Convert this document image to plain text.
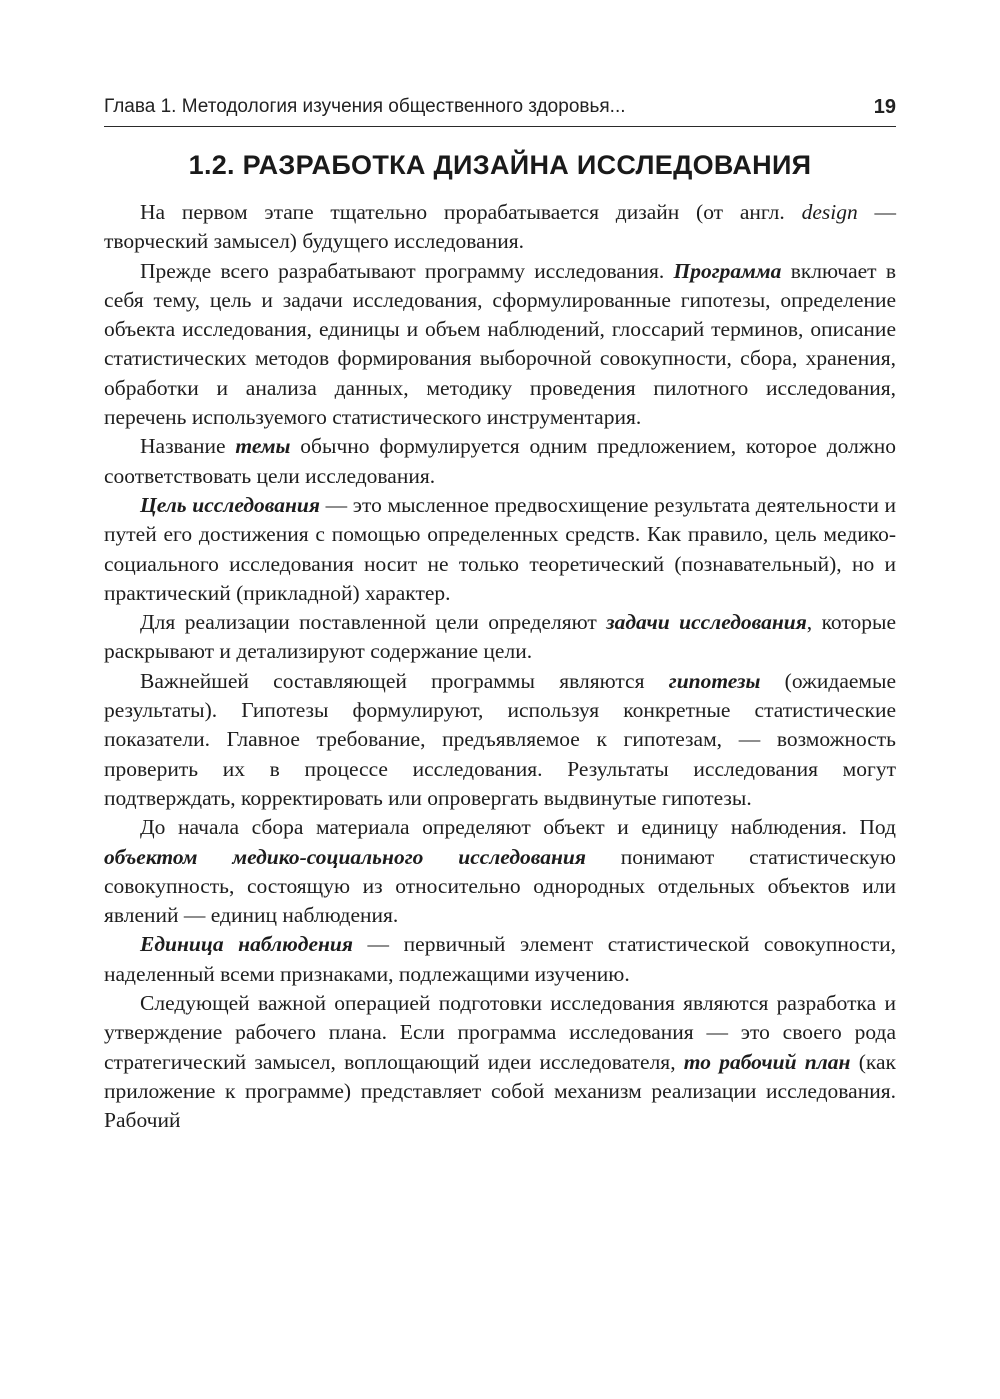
Глава 1. Методология изучения общественного здоровья...	19
1.2. РАЗРАБОТКА ДИЗАЙНА ИССЛЕДОВАНИЯ

На первом этапе тщательно прорабатывается дизайн (от англ. design — творческий замысел) будущего исследования.

Прежде всего разрабатывают программу исследования. Программа включает в себя тему, цель и задачи исследования, сформулированные гипотезы, определение объекта исследования, единицы и объем наблюдений, глоссарий терминов, описание статистических методов формирования выборочной совокупности, сбора, хранения, обработки и анализа данных, методику проведения пилотного исследования, перечень используемого статистического инструментария.

Название темы обычно формулируется одним предложением, которое должно соответствовать цели исследования.

Цель исследования — это мысленное предвосхищение результата деятельности и путей его достижения с помощью определенных средств. Как правило, цель медико-социального исследования носит не только теоретический (познавательный), но и практический (прикладной) характер.

Для реализации поставленной цели определяют задачи исследования, которые раскрывают и детализируют содержание цели.

Важнейшей составляющей программы являются гипотезы (ожидаемые результаты). Гипотезы формулируют, используя конкретные статистические показатели. Главное требование, предъявляемое к гипотезам, — возможность проверить их в процессе исследования. Результаты исследования могут подтверждать, корректировать или опровергать выдвинутые гипотезы.

До начала сбора материала определяют объект и единицу наблюдения. Под объектом медико-социального исследования понимают статистическую совокупность, состоящую из относительно однородных отдельных объектов или явлений — единиц наблюдения.

Единица наблюдения — первичный элемент статистической совокупности, наделенный всеми признаками, подлежащими изучению.

Следующей важной операцией подготовки исследования являются разработка и утверждение рабочего плана. Если программа исследования — это своего рода стратегический замысел, воплощающий идеи исследователя, то рабочий план (как приложение к программе) представляет собой механизм реализации исследования. Рабочий
